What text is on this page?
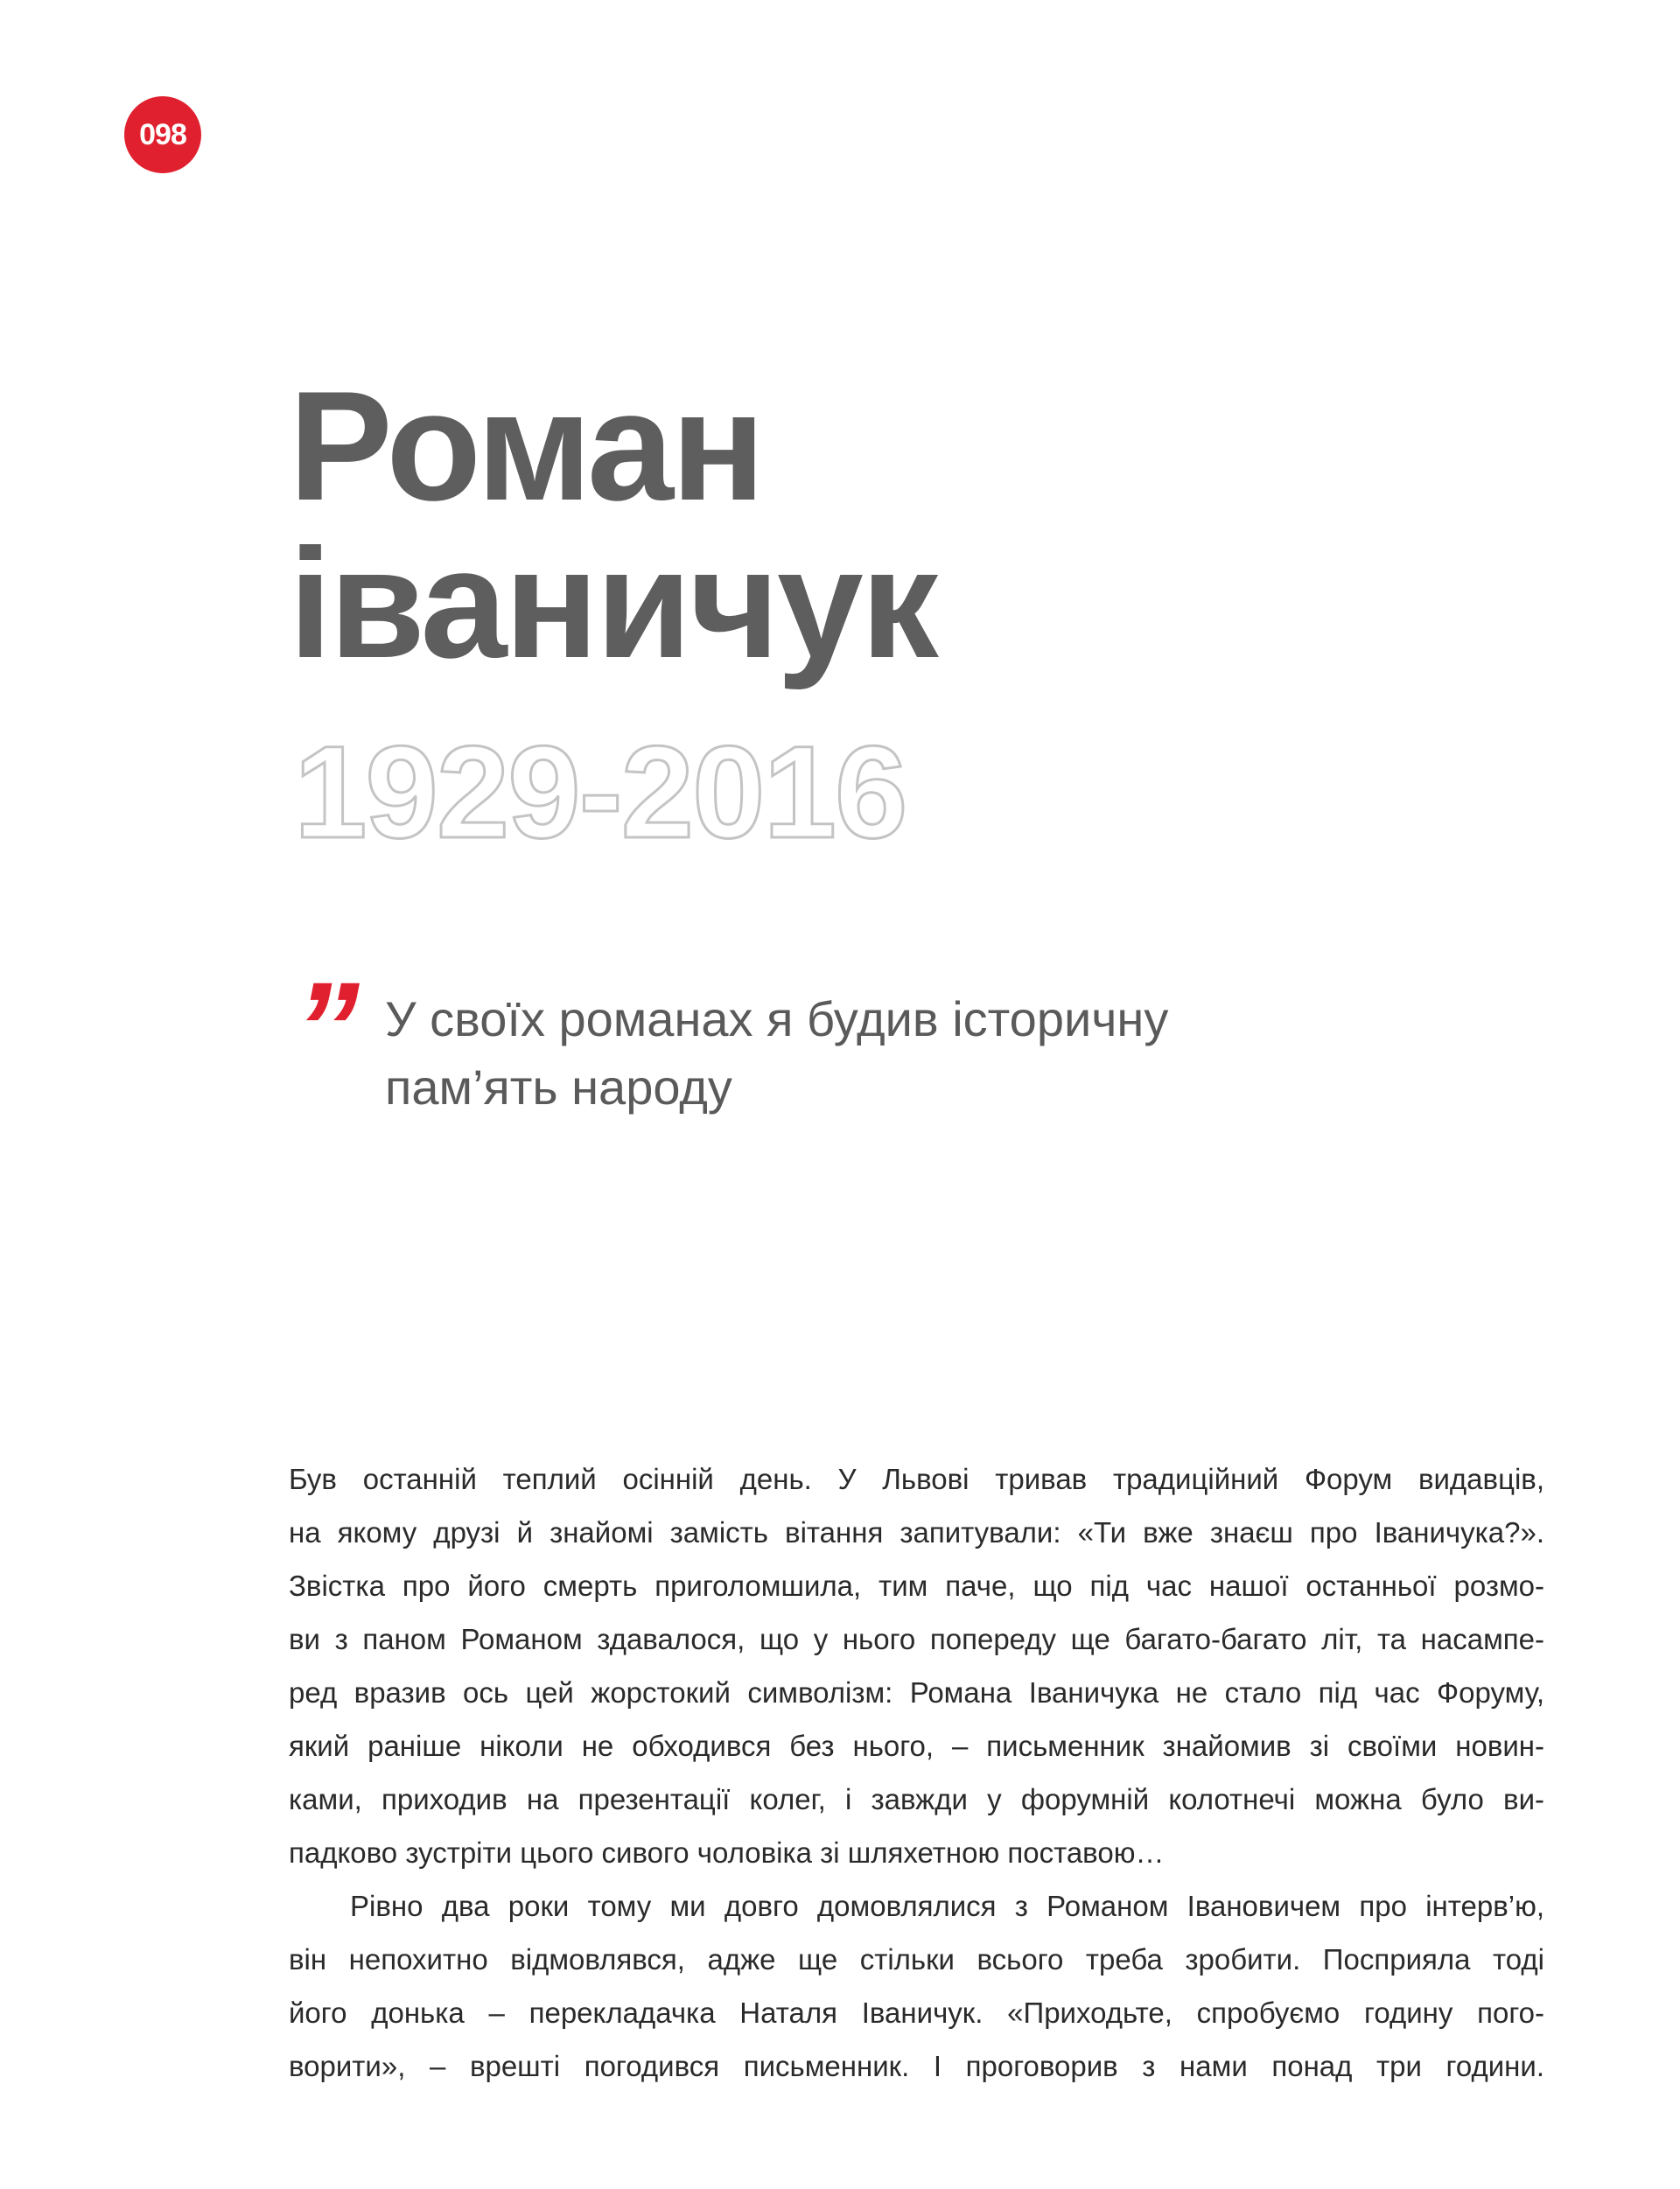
098
Роман
іваничук
1929-2016
” У своїх романах я будив історичну
пам’ять народу
Був останній теплий осінній день. У Львові тривав традиційний Форум видавців,
на якому друзі й знайомі замість вітання запитували: «Ти вже знаєш про Іваничука?».
Звістка про його смерть приголомшила, тим паче, що під час нашої останньої розмо-
ви з паном Романом здавалося, що у нього попереду ще багато-багато літ, та насампе-
ред вразив ось цей жорстокий символізм: Романа Іваничука не стало під час Форуму,
який раніше ніколи не обходився без нього, – письменник знайомив зі своїми новин-
ками, приходив на презентації колег, і завжди у форумній колотнечі можна було ви-
падково зустріти цього сивого чоловіка зі шляхетною поставою…
Рівно два роки тому ми довго домовлялися з Романом Івановичем про інтерв’ю,
він непохитно відмовлявся, адже ще стільки всього треба зробити. Посприяла тоді
його донька – перекладачка Наталя Іваничук. «Приходьте, спробуємо годину пого-
ворити», – врешті погодився письменник. І проговорив з нами понад три години.
